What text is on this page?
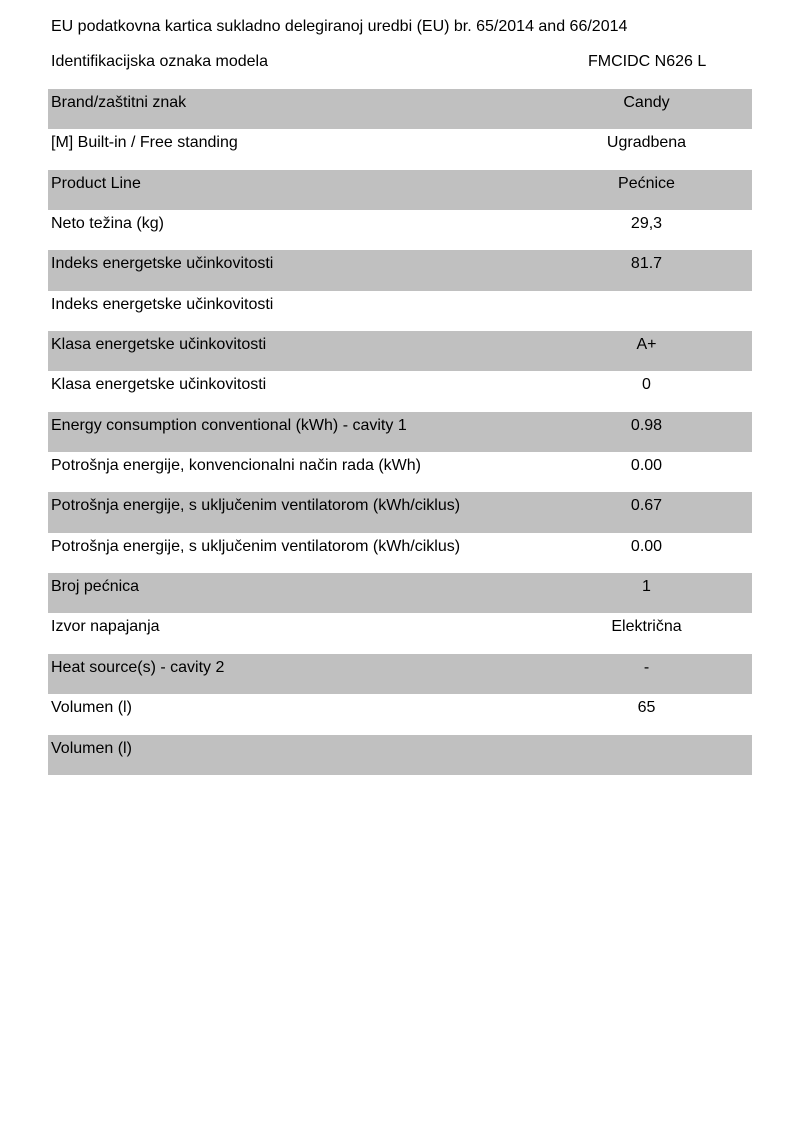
EU podatkovna kartica sukladno delegiranoj uredbi (EU) br. 65/2014 and 66/2014
Identifikacijska oznaka modela	FMCIDC N626 L
Brand/zaštitni znak	Candy
[M] Built-in / Free standing	Ugradbena
Product Line	Pećnice
Neto težina (kg)	29,3
Indeks energetske učinkovitosti	81.7
Indeks energetske učinkovitosti
Klasa energetske učinkovitosti	A+
Klasa energetske učinkovitosti	0
Energy consumption conventional (kWh) - cavity 1	0.98
Potrošnja energije, konvencionalni način rada (kWh)	0.00
Potrošnja energije, s uključenim ventilatorom (kWh/ciklus)	0.67
Potrošnja energije, s uključenim ventilatorom (kWh/ciklus)	0.00
Broj pećnica	1
Izvor napajanja	Električna
Heat source(s) - cavity 2	-
Volumen (l)	65
Volumen (l)
